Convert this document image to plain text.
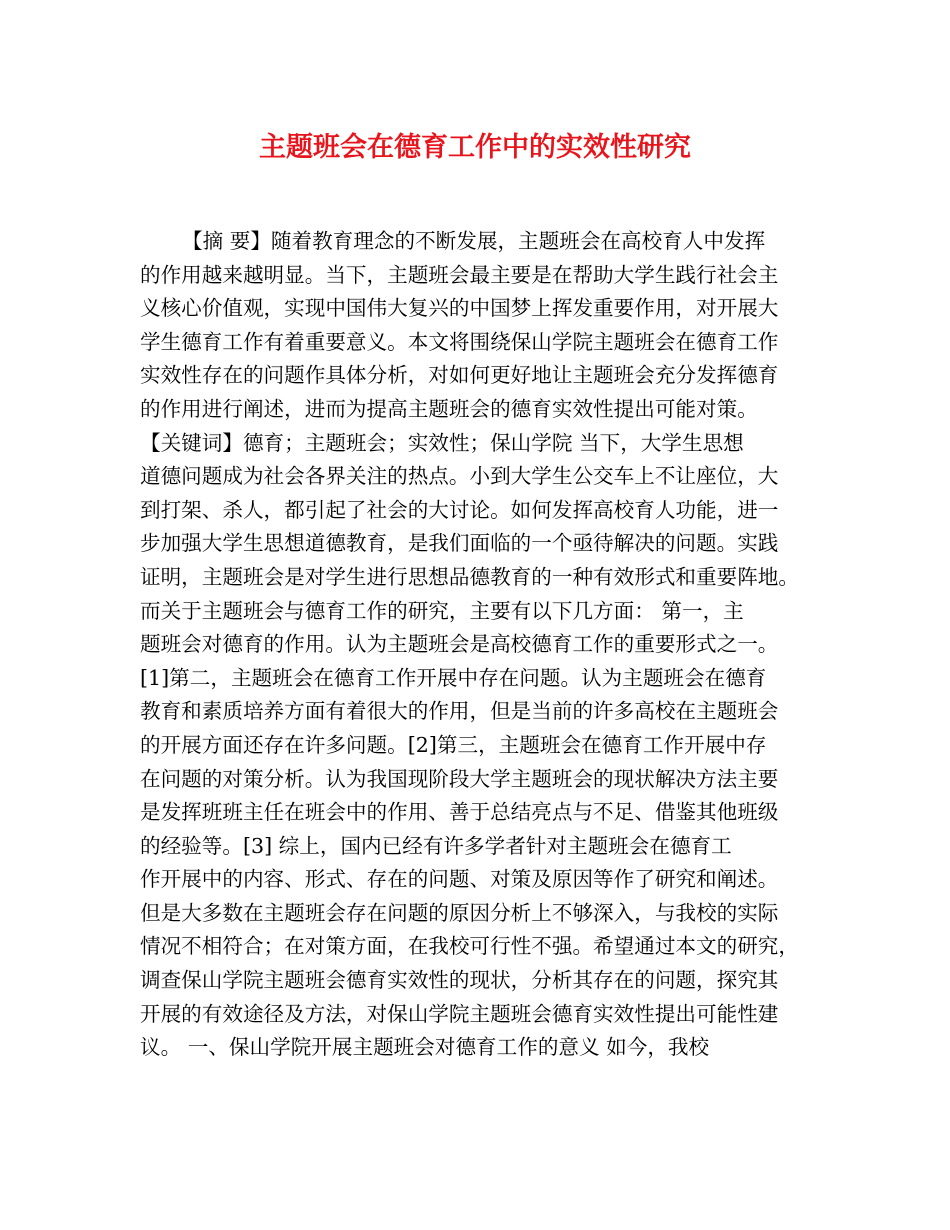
主题班会在德育工作中的实效性研究
【摘 要】随着教育理念的不断发展，主题班会在高校育人中发挥
的作用越来越明显。当下，主题班会最主要是在帮助大学生践行社会主
义核心价值观，实现中国伟大复兴的中国梦上挥发重要作用，对开展大
学生德育工作有着重要意义。本文将围绕保山学院主题班会在德育工作
实效性存在的问题作具体分析，对如何更好地让主题班会充分发挥德育
的作用进行阐述，进而为提高主题班会的德育实效性提出可能对策。
【关键词】德育；主题班会；实效性；保山学院 当下，大学生思想
道德问题成为社会各界关注的热点。小到大学生公交车上不让座位，大
到打架、杀人，都引起了社会的大讨论。如何发挥高校育人功能，进一
步加强大学生思想道德教育，是我们面临的一个亟待解决的问题。实践
证明，主题班会是对学生进行思想品德教育的一种有效形式和重要阵地。
而关于主题班会与德育工作的研究，主要有以下几方面： 第一，主
题班会对德育的作用。认为主题班会是高校德育工作的重要形式之一。
[1]第二，主题班会在德育工作开展中存在问题。认为主题班会在德育
教育和素质培养方面有着很大的作用，但是当前的许多高校在主题班会
的开展方面还存在许多问题。[2]第三，主题班会在德育工作开展中存
在问题的对策分析。认为我国现阶段大学主题班会的现状解决方法主要
是发挥班班主任在班会中的作用、善于总结亮点与不足、借鉴其他班级
的经验等。[3] 综上，国内已经有许多学者针对主题班会在德育工
作开展中的内容、形式、存在的问题、对策及原因等作了研究和阐述。
但是大多数在主题班会存在问题的原因分析上不够深入，与我校的实际
情况不相符合；在对策方面，在我校可行性不强。希望通过本文的研究，
调查保山学院主题班会德育实效性的现状，分析其存在的问题，探究其
开展的有效途径及方法，对保山学院主题班会德育实效性提出可能性建
议。 一、保山学院开展主题班会对德育工作的意义 如今，我校
